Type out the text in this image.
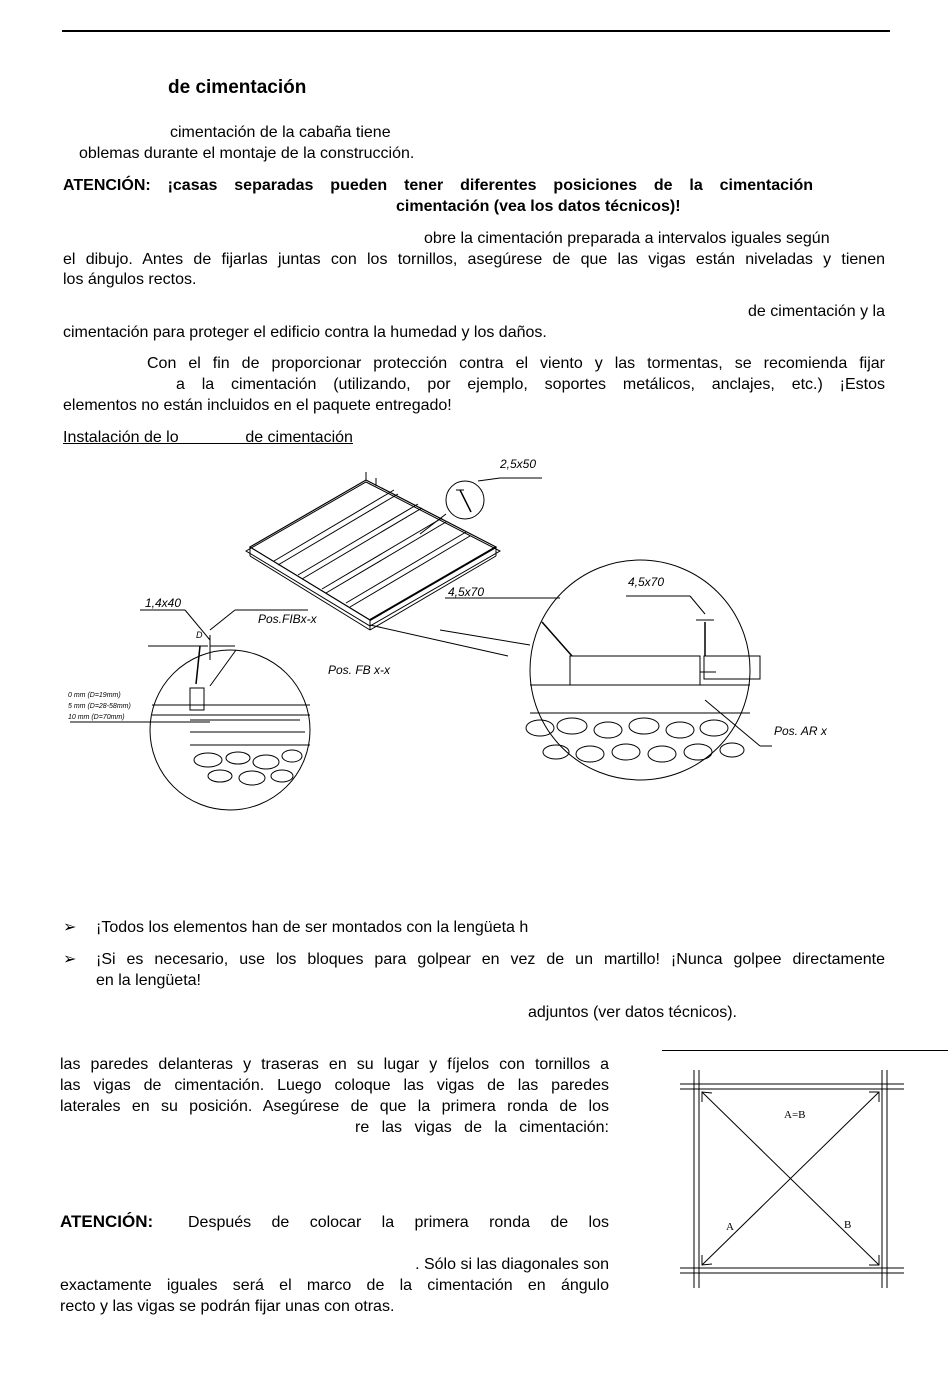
de cimentación
cimentación de la cabaña tiene
oblemas durante el montaje de la construcción.
ATENCIÓN: ¡casas separadas pueden tener diferentes posiciones de la cimentación
cimentación (vea los datos técnicos)!
obre la cimentación preparada a intervalos iguales según
el dibujo. Antes de fijarlas juntas con los tornillos, asegúrese de que las vigas están niveladas y tienen
los ángulos rectos.
de cimentación y la
cimentación para proteger el edificio contra la humedad y los daños.
Con el fin de proporcionar protección contra el viento y las tormentas, se recomienda fijar
a la cimentación (utilizando, por ejemplo, soportes metálicos, anclajes, etc.) ¡Estos
elementos no están incluidos en el paquete entregado!
Instalación de lo               de cimentación
2,5x50
4,5x70
4,5x70
1,4x40
D
Pos.FIBx-x
Pos. FB x-x
Pos. AR x
0 mm (D=19mm)
5 mm (D=28-58mm)
10 mm (D=70mm)
➢ ¡Todos los elementos han de ser montados con la lengüeta h
➢ ¡Si es necesario, use los bloques para golpear en vez de un martillo! ¡Nunca golpee directamente
en la lengüeta!
adjuntos (ver datos técnicos).
las paredes delanteras y traseras en su lugar y fíjelos con tornillos a
las vigas de cimentación. Luego coloque las vigas de las paredes
laterales en su posición. Asegúrese de que la primera ronda de los
re las vigas de la cimentación:
ATENCIÓN: Después de colocar la primera ronda de los
. Sólo si las diagonales son
exactamente iguales será el marco de la cimentación en ángulo
recto y las vigas se podrán fijar unas con otras.
A=B
A	B
